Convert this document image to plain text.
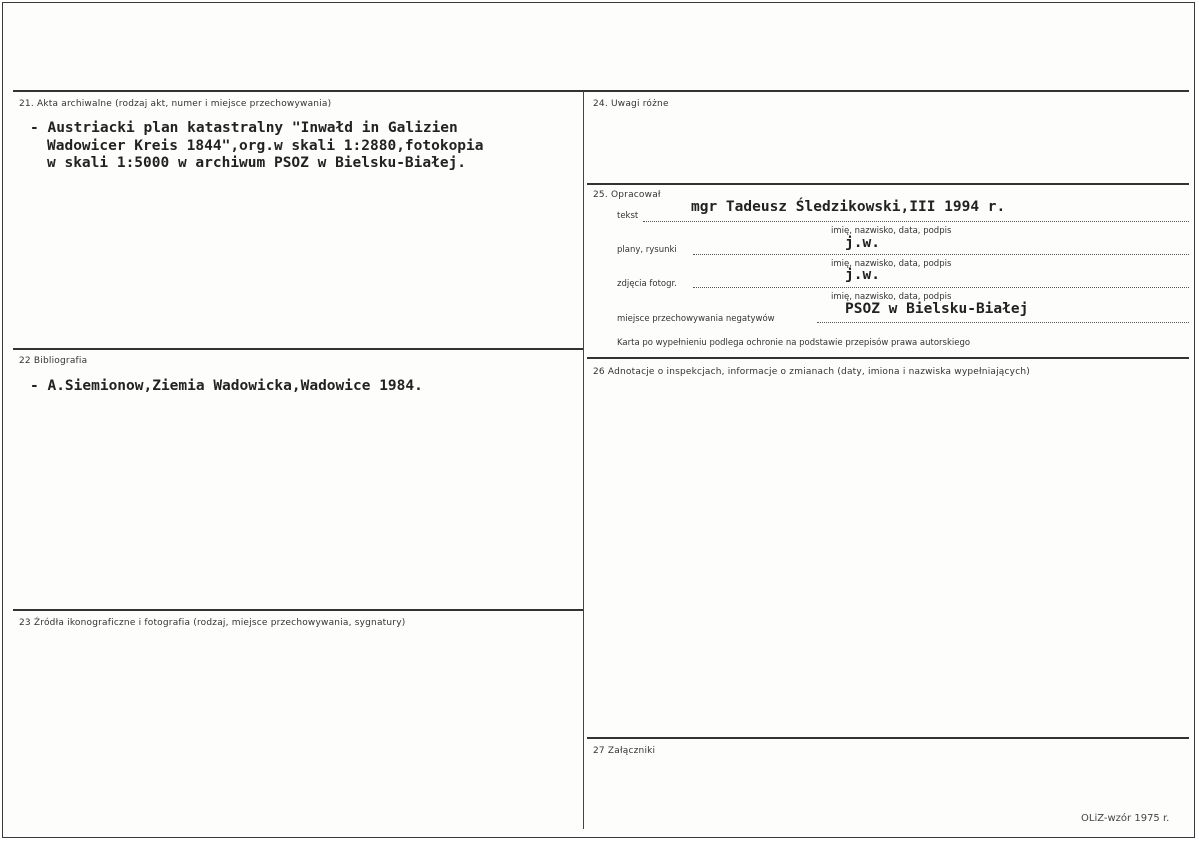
21. Akta archiwalne (rodzaj akt, numer i miejsce przechowywania)
- Austriacki plan katastralny "Inwałd in Galizien
Wadowicer Kreis 1844",org.w skali 1:2880,fotokopia
w skali 1:5000 w archiwum PSOZ w Bielsku-Białej.
22 Bibliografia
- A.Siemionow,Ziemia Wadowicka,Wadowice 1984.
23 Źródła ikonograficzne i fotografia (rodzaj, miejsce przechowywania, sygnatury)
24. Uwagi różne
25. Opracował
tekst
mgr Tadeusz Śledzikowski,III 1994 r.
imię, nazwisko, data, podpis
plany, rysunki	j.w.
imię, nazwisko, data, podpis
zdjęcia fotogr.
j.w.
imię, nazwisko, data, podpis
miejsce przechowywania negatywów
PSOZ w Bielsku-Białej
Karta po wypełnieniu podlega ochronie na podstawie przepisów prawa autorskiego
26 Adnotacje o inspekcjach, informacje o zmianach (daty, imiona i nazwiska wypełniających)
27 Załączniki
OLiZ-wzór 1975 r.
